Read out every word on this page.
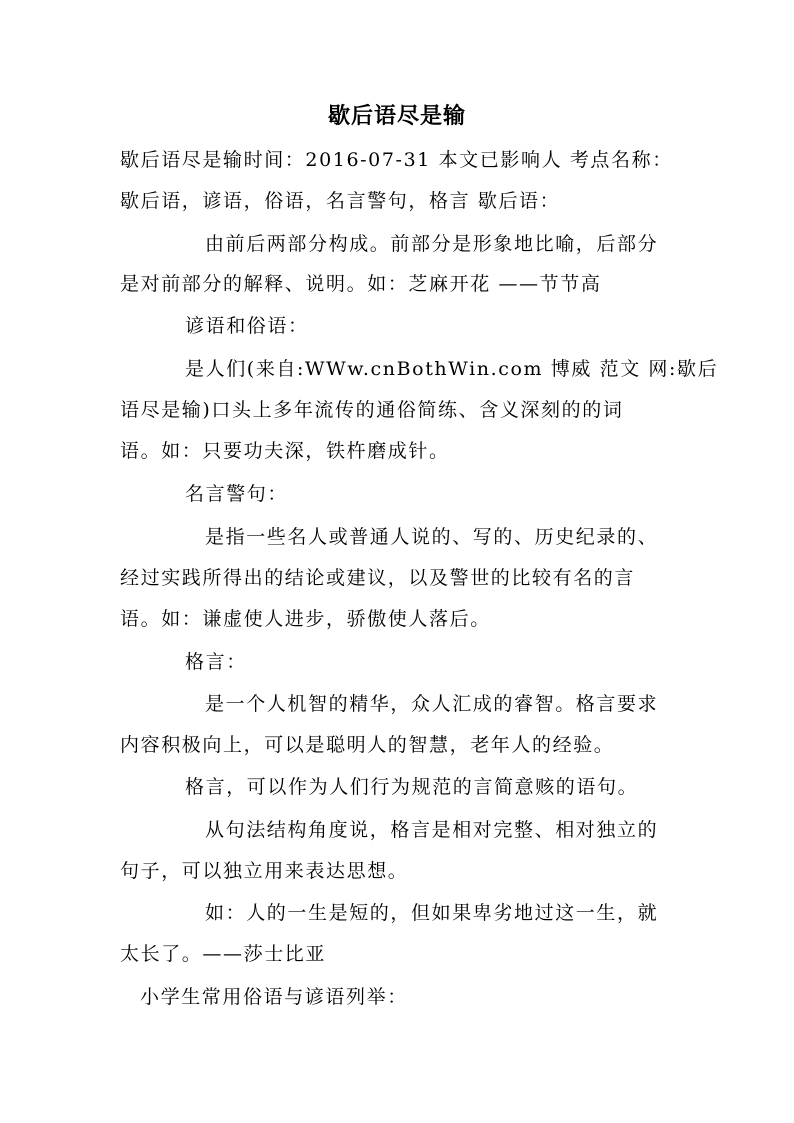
歇后语尽是输
歇后语尽是输时间：2016-07-31 本文已影响人 考点名称：
歇后语，谚语，俗语，名言警句，格言 歇后语：
由前后两部分构成。前部分是形象地比喻，后部分
是对前部分的解释、说明。如：芝麻开花 ——节节高
谚语和俗语：
是人们(来自:WWw.cnBothWin.com 博威 范文 网:歇后
语尽是输)口头上多年流传的通俗简练、含义深刻的的词
语。如：只要功夫深，铁杵磨成针。
名言警句：
是指一些名人或普通人说的、写的、历史纪录的、
经过实践所得出的结论或建议，以及警世的比较有名的言
语。如：谦虚使人进步，骄傲使人落后。
格言：
是一个人机智的精华，众人汇成的睿智。格言要求
内容积极向上，可以是聪明人的智慧，老年人的经验。
格言，可以作为人们行为规范的言简意赅的语句。
从句法结构角度说，格言是相对完整、相对独立的
句子，可以独立用来表达思想。
如：人的一生是短的，但如果卑劣地过这一生，就
太长了。——莎士比亚
小学生常用俗语与谚语列举：
